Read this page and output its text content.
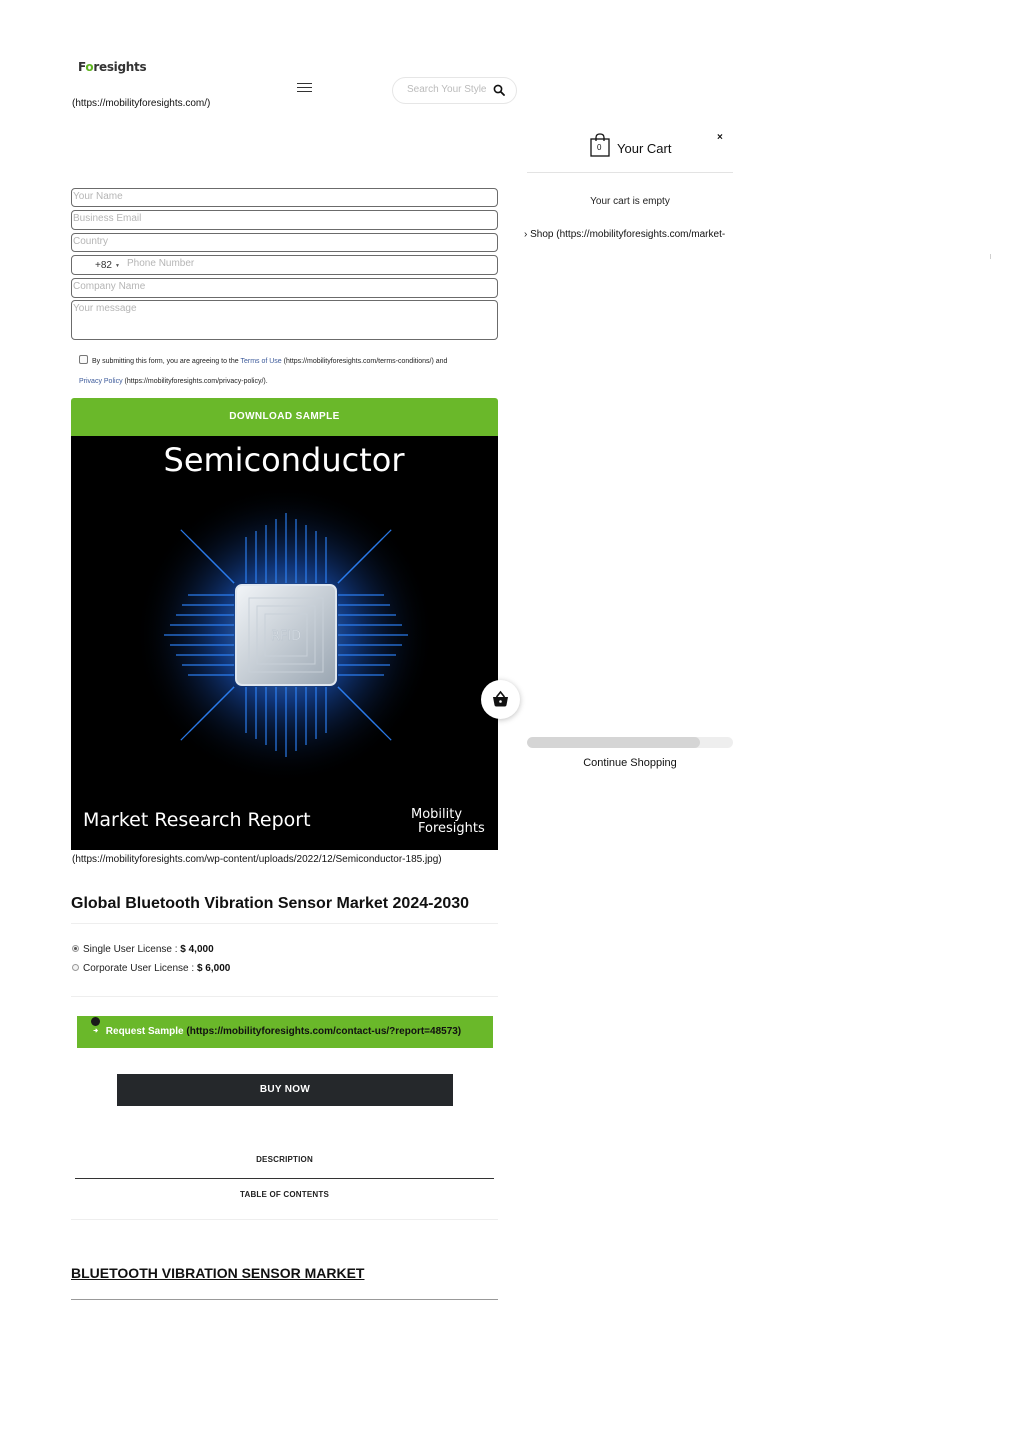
Foresights
(https://mobilityforesights.com/)
Search Your Style
Your Name
Business Email
Country
+82 ▼
Phone Number
Company Name
Your message
By submitting this form, you are agreeing to the Terms of Use (https://mobilityforesights.com/terms-conditions/) and
Privacy Policy (https://mobilityforesights.com/privacy-policy/).
RFID
Semiconductor
Market Research Report	Mobility
Foresights
DOWNLOAD SAMPLE
(https://mobilityforesights.com/wp-content/uploads/2022/12/Semiconductor-185.jpg)
Global Bluetooth Vibration Sensor Market 2024-2030
Single User License : $ 4,000
Corporate User License : $ 6,000
Request Sample (https://mobilityforesights.com/contact-us/?report=48573)
BUY NOW
DESCRIPTION
TABLE OF CONTENTS
BLUETOOTH VIBRATION SENSOR MARKET
0 Your Cart
×
Your cart is empty
› Shop (https://mobilityforesights.com/market-
Continue Shopping
